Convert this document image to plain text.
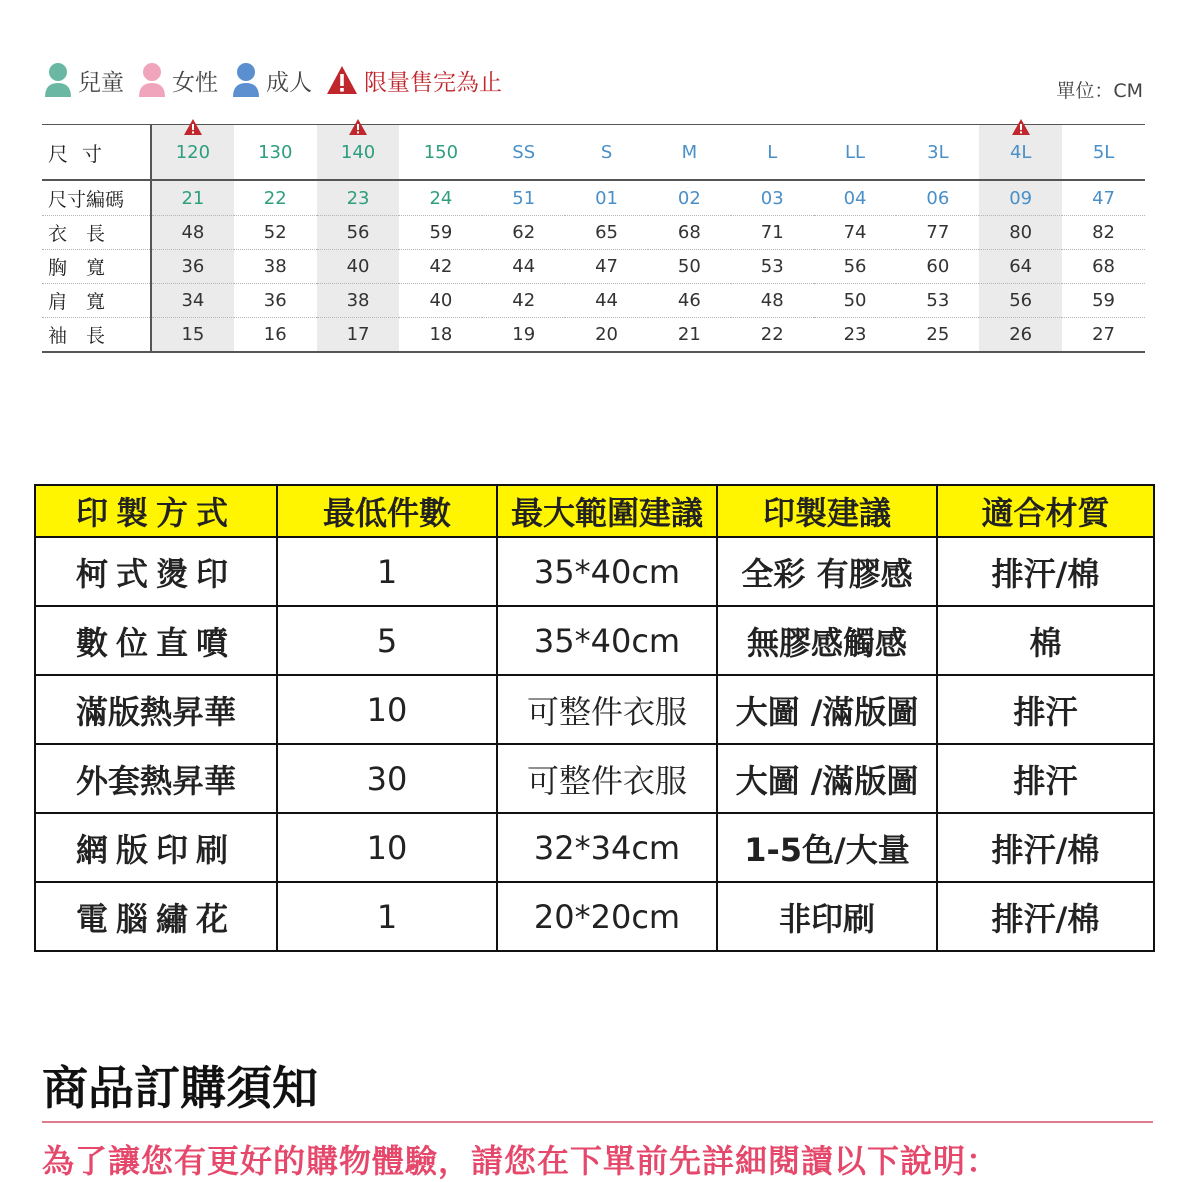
兒童 女性 成人 限量售完為止	單位：CM
尺寸	120	130	140	150	SS	S	M	L	LL	3L	4L	5L

尺寸編碼	21	22	23	24	51	01	02	03	04	06	09	47
衣　長	48	52	56	59	62	65	68	71	74	77	80	82
胸　寬	36	38	40	42	44	47	50	53	56	60	64	68
肩　寬	34	36	38	40	42	44	46	48	50	53	56	59
袖　長	15	16	17	18	19	20	21	22	23	25	26	27
印製方式	最低件數	最大範圍建議	印製建議	適合材質
柯式燙印	1	35*40cm	全彩 有膠感	排汗/棉
數位直噴	5	35*40cm	無膠感觸感	棉
滿版熱昇華	10	可整件衣服	大圖 /滿版圖	排汗
外套熱昇華	30	可整件衣服	大圖 /滿版圖	排汗
網版印刷	10	32*34cm	1-5色/大量	排汗/棉
電腦繡花	1	20*20cm	非印刷	排汗/棉
商品訂購須知
為了讓您有更好的購物體驗，請您在下單前先詳細閱讀以下說明：
